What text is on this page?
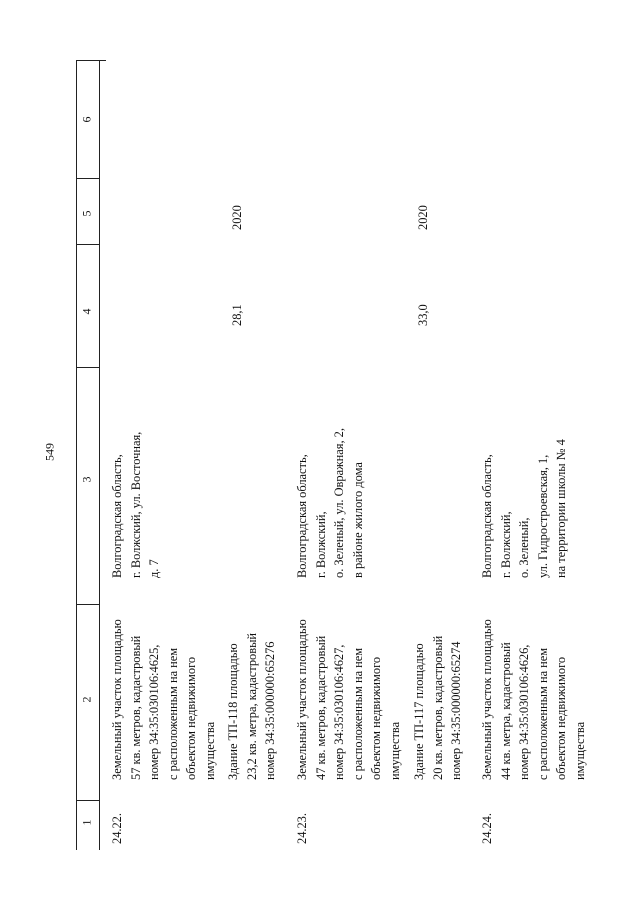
549
1
2
3
4
5
6
24.22.
Земельный участок площадью 57 кв. метров, кадастровый номер 34:35:030106:4625, с расположенным на нем объектом недвижимого имущества
Волгоградская область, г. Волжский, ул. Восточная, д. 7
Здание ТП-118 площадью 23,2 кв. метра, кадастровый номер 34:35:000000:65276
28,1
2020
24.23.
Земельный участок площадью 47 кв. метров, кадастровый номер 34:35:030106:4627, с расположенным на нем объектом недвижимого имущества
Волгоградская область, г. Волжский, о. Зеленый, ул. Овражная, 2, в районе жилого дома
Здание ТП-117 площадью 20 кв. метров, кадастровый номер 34:35:000000:65274
33,0
2020
24.24.
Земельный участок площадью 44 кв. метра, кадастровый номер 34:35:030106:4626, с расположенным на нем объектом недвижимого имущества
Волгоградская область, г. Волжский, о. Зеленый, ул. Гидростроевская, 1, на территории школы № 4
